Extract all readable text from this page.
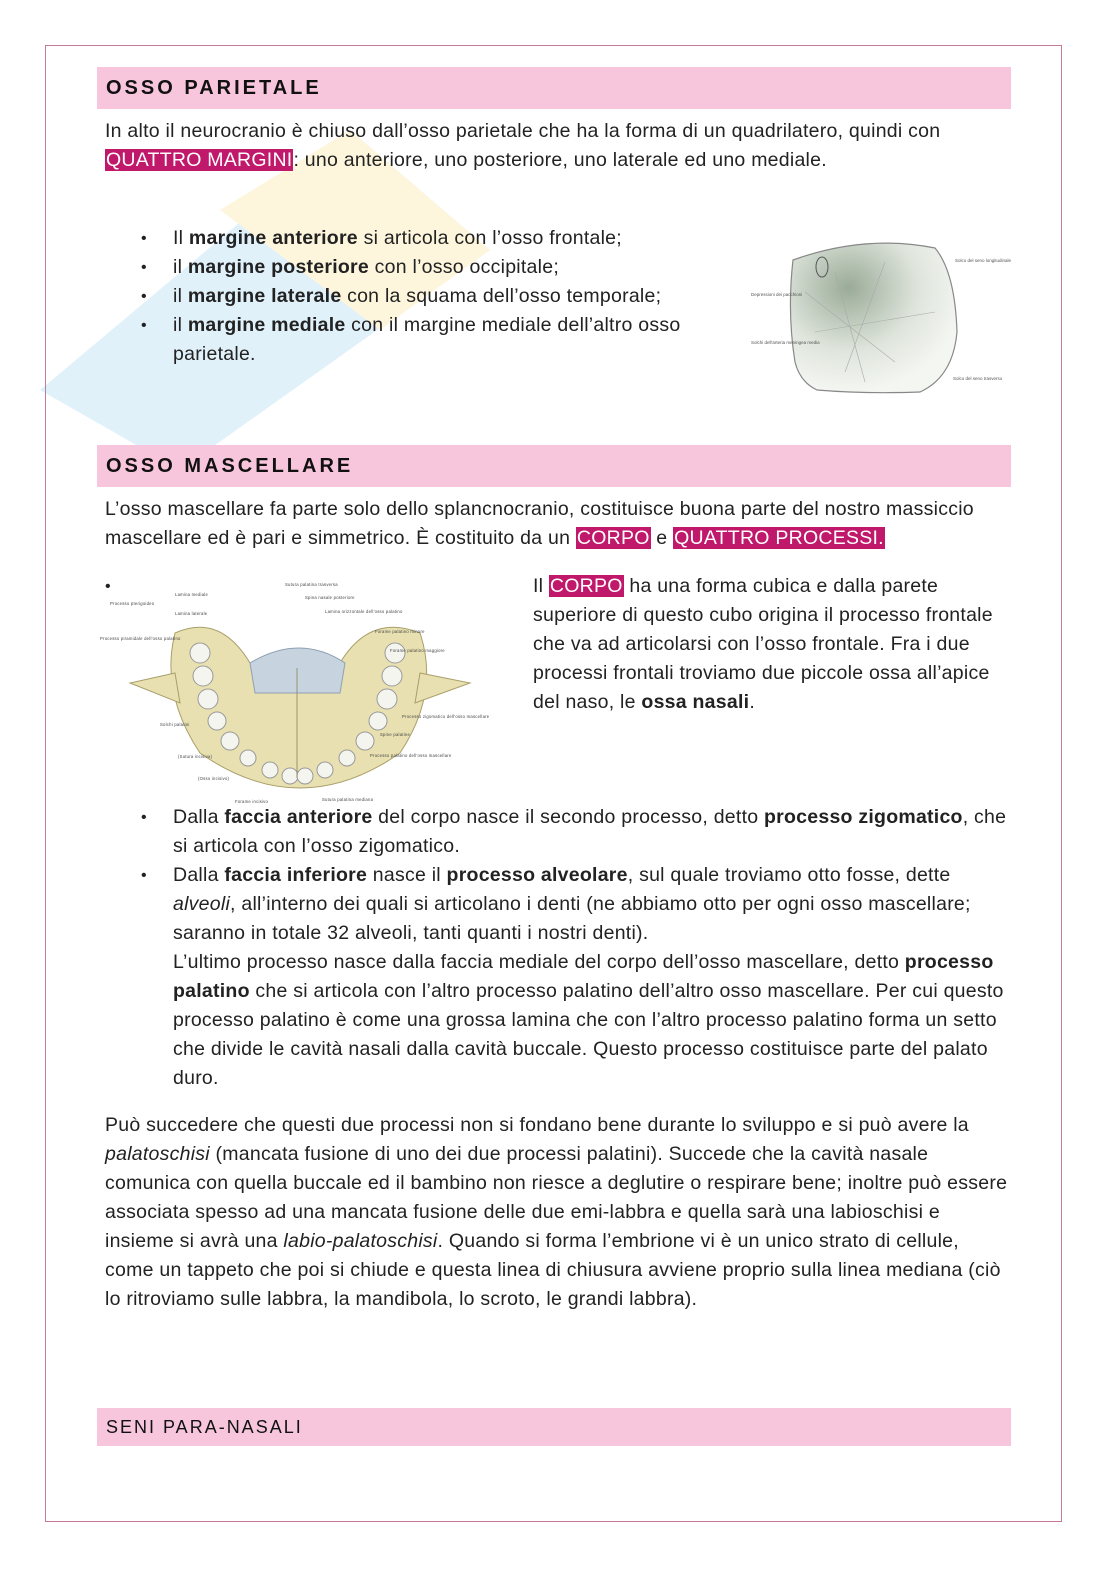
OSSO PARIETALE
In alto il neurocranio è chiuso dall’osso parietale che ha la forma di un quadrilatero, quindi con QUATTRO MARGINI: uno anteriore, uno posteriore, uno laterale ed uno mediale.
• Il margine anteriore si articola con l’osso frontale;
• il margine posteriore con l’osso occipitale;
• il margine laterale con la squama dell’osso temporale;
• il margine mediale con il margine mediale dell’altro osso parietale.
Solco del seno longitudinale
Depressioni dei pacchioni
Solchi dell'arteria meningea media
Solco del seno trasverso
OSSO MASCELLARE
Processo pterigoideo
Lamina mediale
Lamina laterale
Processo piramidale dell'osso palatino
Sutura palatina trasversa
Spina nasale posteriore
Lamina orizzontale dell'osso palatino
Forame palatino minore
Forame palatino maggiore
Solchi palatini
(Sutura incisiva)
(Osso incisivo)
Forame incisivo	Sutura palatina mediana
Processo zigomatico dell'osso mascellare
Spine palatine
Processo palatino dell'osso mascellare
L’osso mascellare fa parte solo dello splancnocranio, costituisce buona parte del nostro massiccio mascellare ed è pari e simmetrico. È costituito da un CORPO e QUATTRO PROCESSI.
• Il CORPO ha una forma cubica e dalla parete superiore di questo cubo origina il processo frontale che va ad articolarsi con l’osso frontale. Fra i due processi frontali troviamo due piccole ossa all’apice del naso, le ossa nasali.
• Dalla faccia anteriore del corpo nasce il secondo processo, detto processo zigomatico, che si articola con l’osso zigomatico.
• Dalla faccia inferiore nasce il processo alveolare, sul quale troviamo otto fosse, dette alveoli, all’interno dei quali si articolano i denti (ne abbiamo otto per ogni osso mascellare; saranno in totale 32 alveoli, tanti quanti i nostri denti).
L’ultimo processo nasce dalla faccia mediale del corpo dell’osso mascellare, detto processo palatino che si articola con l’altro processo palatino dell’altro osso mascellare. Per cui questo processo palatino è come una grossa lamina che con l’altro processo palatino forma un setto che divide le cavità nasali dalla cavità buccale. Questo processo costituisce parte del palato duro.
Può succedere che questi due processi non si fondano bene durante lo sviluppo e si può avere la palatoschisi (mancata fusione di uno dei due processi palatini). Succede che la cavità nasale comunica con quella buccale ed il bambino non riesce a deglutire o respirare bene; inoltre può essere associata spesso ad una mancata fusione delle due emi-labbra e quella sarà una labioschisi e insieme si avrà una labio-palatoschisi. Quando si forma l’embrione vi è un unico strato di cellule, come un tappeto che poi si chiude e questa linea di chiusura avviene proprio sulla linea mediana (ciò lo ritroviamo sulle labbra, la mandibola, lo scroto, le grandi labbra).
SENI PARA-NASALI
